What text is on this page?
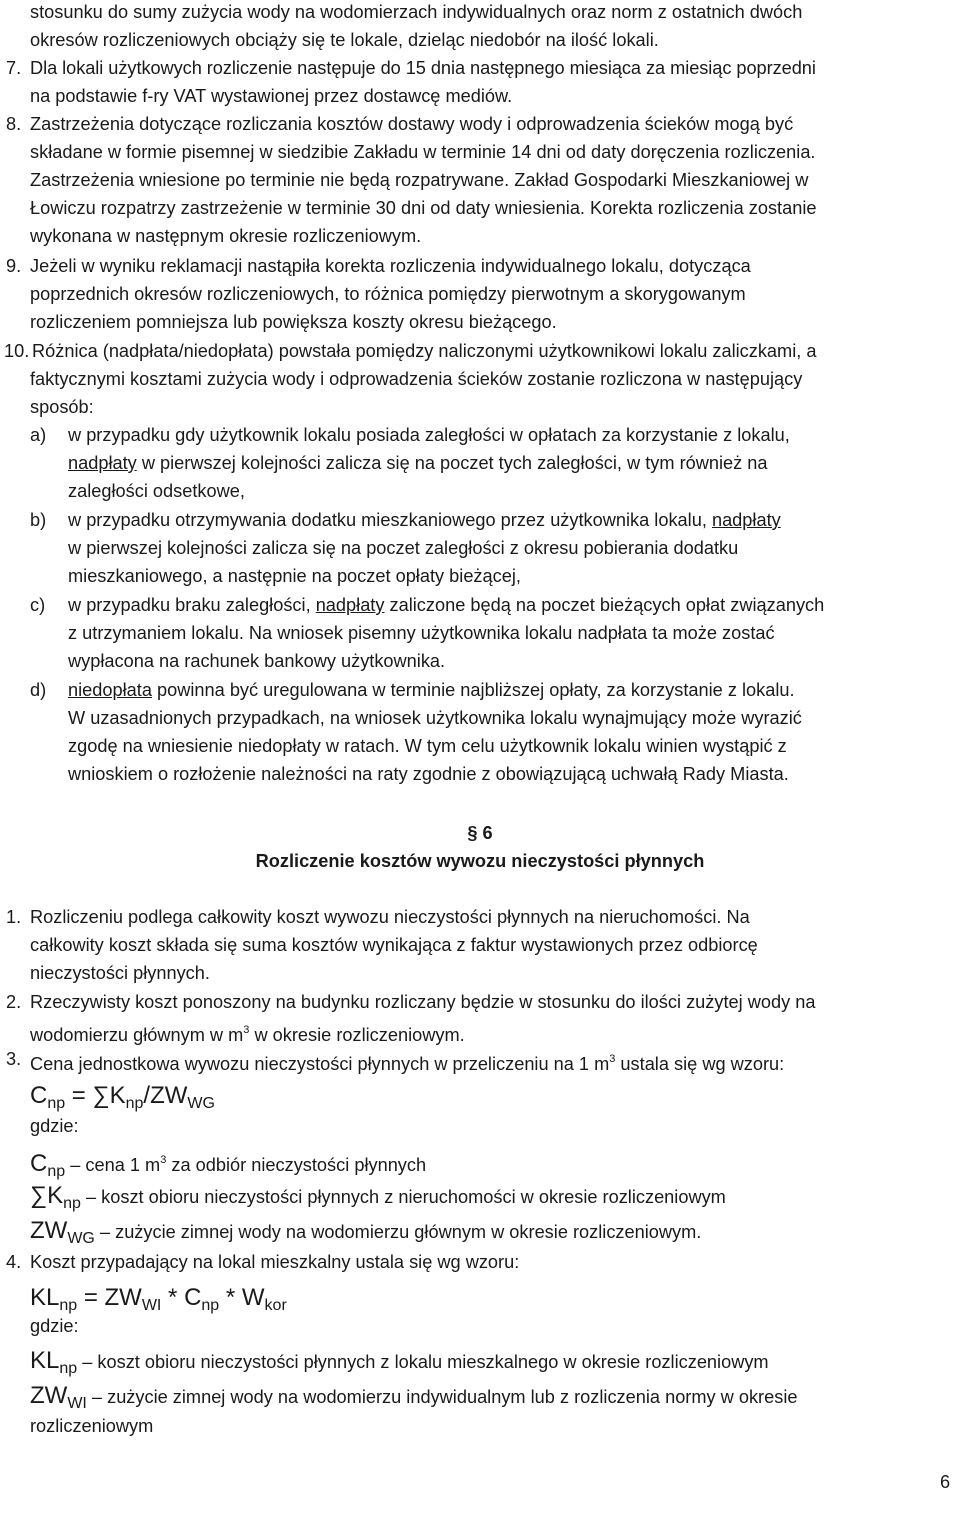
stosunku do sumy zużycia wody na wodomierzach indywidualnych oraz norm z ostatnich dwóch
okresów rozliczeniowych obciąży się te lokale, dzieląc niedobór na ilość lokali.
7. Dla lokali użytkowych rozliczenie następuje do 15 dnia następnego miesiąca za miesiąc poprzedni
na podstawie f-ry VAT wystawionej przez dostawcę mediów.
8. Zastrzeżenia dotyczące rozliczania kosztów dostawy wody i odprowadzenia ścieków mogą być
składane w formie pisemnej w siedzibie Zakładu w terminie 14 dni od daty doręczenia rozliczenia.
Zastrzeżenia wniesione po terminie nie będą rozpatrywane. Zakład Gospodarki Mieszkaniowej w
Łowiczu rozpatrzy zastrzeżenie w terminie 30 dni od daty wniesienia. Korekta rozliczenia zostanie
wykonana w następnym okresie rozliczeniowym.
9. Jeżeli w wyniku reklamacji nastąpiła korekta rozliczenia indywidualnego lokalu, dotycząca
poprzednich okresów rozliczeniowych, to różnica pomiędzy pierwotnym a skorygowanym
rozliczeniem pomniejsza lub powiększa koszty okresu bieżącego.
10. Różnica (nadpłata/niedopłata) powstała pomiędzy naliczonymi użytkownikowi lokalu zaliczkami, a
faktycznymi kosztami zużycia wody i odprowadzenia ścieków zostanie rozliczona w następujący
sposób:
a) w przypadku gdy użytkownik lokalu posiada zaległości w opłatach za korzystanie z lokalu,
nadpłaty w pierwszej kolejności zalicza się na poczet tych zaległości, w tym również na
zaległości odsetkowe,
b) w przypadku otrzymywania dodatku mieszkaniowego przez użytkownika lokalu, nadpłaty
w pierwszej kolejności zalicza się na poczet zaległości z okresu pobierania dodatku
mieszkaniowego, a następnie na poczet opłaty bieżącej,
c) w przypadku braku zaległości, nadpłaty zaliczone będą na poczet bieżących opłat związanych
z utrzymaniem lokalu. Na wniosek pisemny użytkownika lokalu nadpłata ta może zostać
wypłacona na rachunek bankowy użytkownika.
d) niedopłata powinna być uregulowana w terminie najbliższej opłaty, za korzystanie z lokalu.
W uzasadnionych przypadkach, na wniosek użytkownika lokalu wynajmujący może wyrazić
zgodę na wniesienie niedopłaty w ratach. W tym celu użytkownik lokalu winien wystąpić z
wnioskiem o rozłożenie należności na raty zgodnie z obowiązującą uchwałą Rady Miasta.
§ 6
Rozliczenie kosztów wywozu nieczystości płynnych
1. Rozliczeniu podlega całkowity koszt wywozu nieczystości płynnych na nieruchomości. Na
całkowity koszt składa się suma kosztów wynikająca z faktur wystawionych przez odbiorcę
nieczystości płynnych.
2. Rzeczywisty koszt ponoszony na budynku rozliczany będzie w stosunku do ilości zużytej wody na
wodomierzu głównym w $m^3$ w okresie rozliczeniowym.
3. Cena jednostkowa wywozu nieczystości płynnych w przeliczeniu na 1 $m^3$ ustala się wg wzoru:
Cnp = ∑Knp/ZWWG
gdzie:
Cnp – cena 1 $m^3$ za odbiór nieczystości płynnych
∑Knp – koszt obioru nieczystości płynnych z nieruchomości w okresie rozliczeniowym
ZWWG – zużycie zimnej wody na wodomierzu głównym w okresie rozliczeniowym.
4. Koszt przypadający na lokal mieszkalny ustala się wg wzoru:
KLnp = ZWWI * Cnp * Wkor
gdzie:
KLnp – koszt obioru nieczystości płynnych z lokalu mieszkalnego w okresie rozliczeniowym
ZWWI – zużycie zimnej wody na wodomierzu indywidualnym lub z rozliczenia normy w okresie
rozliczeniowym
6
